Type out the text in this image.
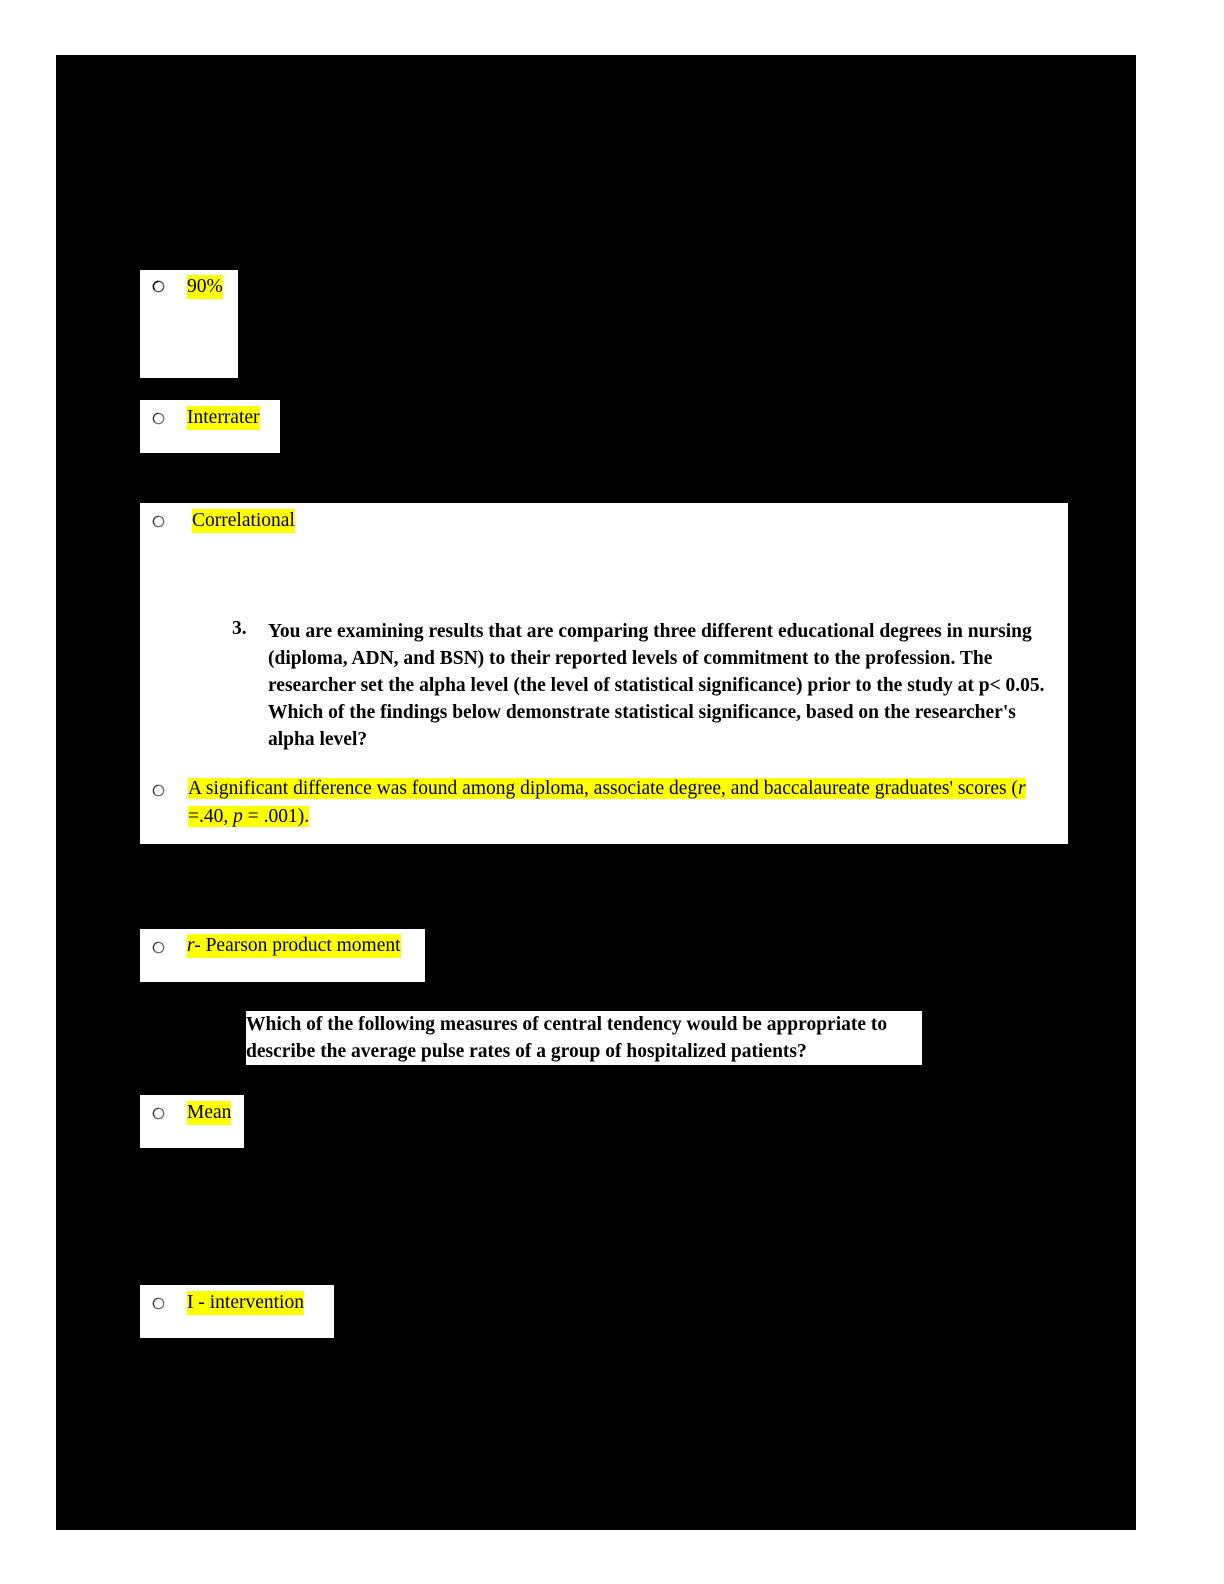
90%
Interrater
Correlational
3. You are examining results that are comparing three different educational degrees in nursing (diploma, ADN, and BSN) to their reported levels of commitment to the profession. The researcher set the alpha level (the level of statistical significance) prior to the study at p< 0.05. Which of the findings below demonstrate statistical significance, based on the researcher's alpha level?
A significant difference was found among diploma, associate degree, and baccalaureate graduates' scores (r =.40, p = .001).
r- Pearson product moment
Which of the following measures of central tendency would be appropriate to describe the average pulse rates of a group of hospitalized patients?
Mean
I - intervention
